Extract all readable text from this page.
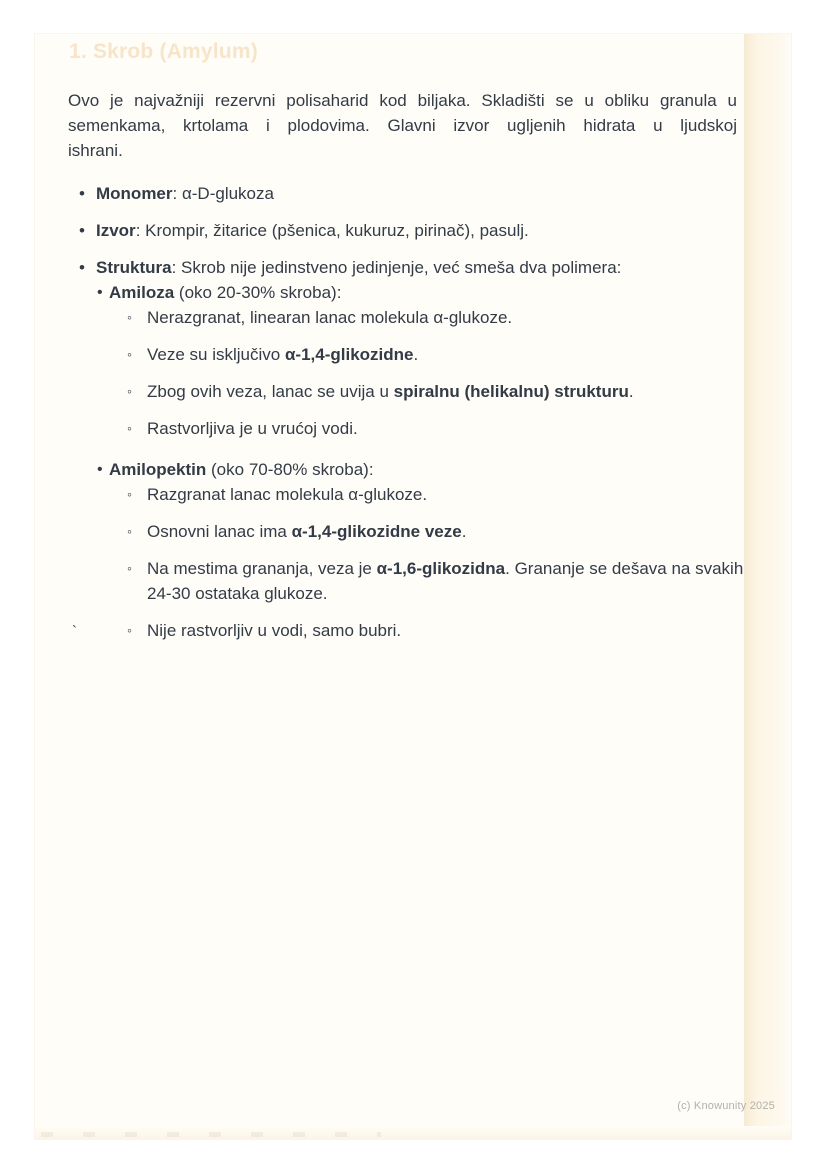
1. Skrob (Amylum)
Ovo je najvažniji rezervni polisaharid kod biljaka. Skladišti se u obliku granula u
semenkama, krtolama i plodovima. Glavni izvor ugljenih hidrata u ljudskoj
ishrani.
• Monomer: α-D-glukoza
• Izvor: Krompir, žitarice (pšenica, kukuruz, pirinač), pasulj.
• Struktura: Skrob nije jedinstveno jedinjenje, već smeša dva polimera:
• Amiloza (oko 20-30% skroba):
◦ Nerazgranat, linearan lanac molekula α-glukoze.
◦ Veze su isključivo α-1,4-glikozidne.
◦ Zbog ovih veza, lanac se uvija u spiralnu (helikalnu) strukturu.
◦ Rastvorljiva je u vrućoj vodi.
• Amilopektin (oko 70-80% skroba):
◦ Razgranat lanac molekula α-glukoze.
◦ Osnovni lanac ima α-1,4-glikozidne veze.
◦ Na mestima grananja, veza je α-1,6-glikozidna. Grananje se dešava na svakih 24-30 ostataka glukoze.
◦ Nije rastvorljiv u vodi, samo bubri.
`
(c) Knowunity 2025
